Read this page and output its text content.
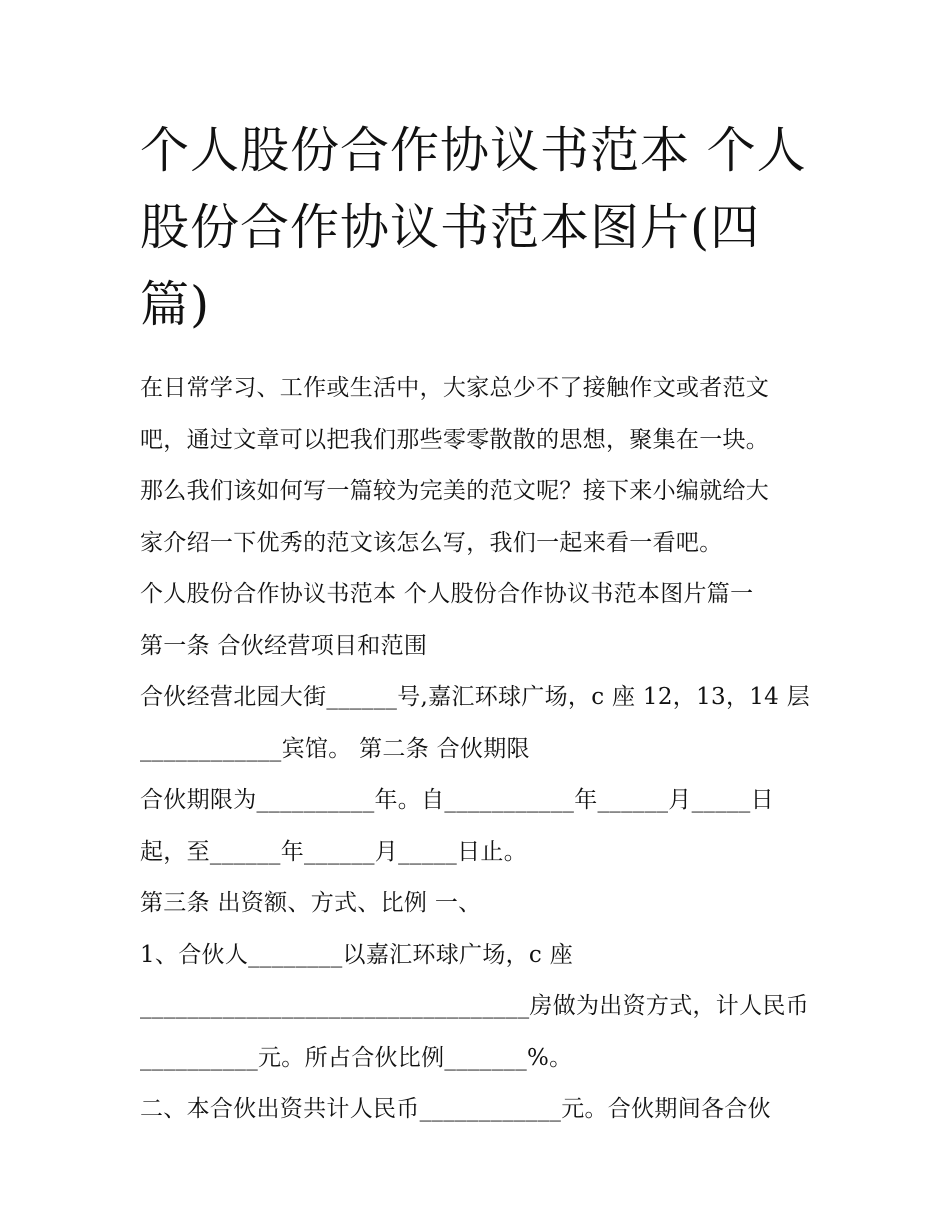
个人股份合作协议书范本 个人股份合作协议书范本图片(四篇)
在日常学习、工作或生活中，大家总少不了接触作文或者范文
吧，通过文章可以把我们那些零零散散的思想，聚集在一块。
那么我们该如何写一篇较为完美的范文呢？接下来小编就给大
家介绍一下优秀的范文该怎么写，我们一起来看一看吧。
个人股份合作协议书范本 个人股份合作协议书范本图片篇一
第一条 合伙经营项目和范围
合伙经营北园大街______号,嘉汇环球广场，c 座 12，13，14 层
____________宾馆。 第二条 合伙期限
合伙期限为__________年。自___________年______月_____日
起，至______年______月_____日止。
第三条 出资额、方式、比例 一、
1、合伙人________以嘉汇环球广场，c 座
_________________________________房做为出资方式，计人民币
__________元。所占合伙比例_______%。
二、本合伙出资共计人民币____________元。合伙期间各合伙
